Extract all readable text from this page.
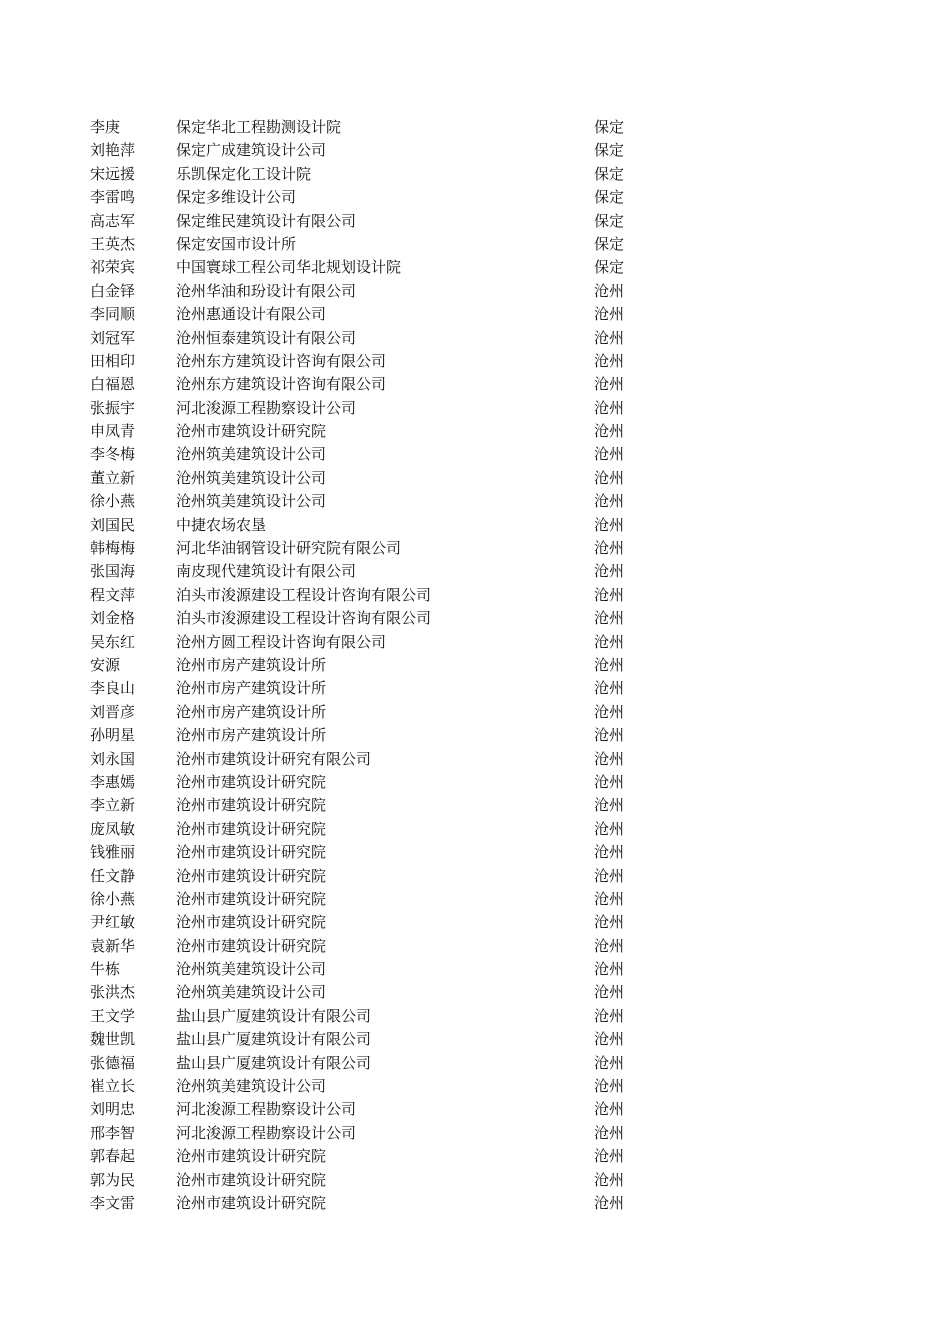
李庚	保定华北工程勘测设计院	保定
刘艳萍	保定广成建筑设计公司	保定
宋远援	乐凯保定化工设计院	保定
李雷鸣	保定多维设计公司	保定
高志军	保定维民建筑设计有限公司	保定
王英杰	保定安国市设计所	保定
祁荣宾	中国寰球工程公司华北规划设计院	保定
白金铎	沧州华油和玢设计有限公司	沧州
李同顺	沧州惠通设计有限公司	沧州
刘冠军	沧州恒泰建筑设计有限公司	沧州
田相印	沧州东方建筑设计咨询有限公司	沧州
白福恩	沧州东方建筑设计咨询有限公司	沧州
张振宇	河北浚源工程勘察设计公司	沧州
申凤青	沧州市建筑设计研究院	沧州
李冬梅	沧州筑美建筑设计公司	沧州
董立新	沧州筑美建筑设计公司	沧州
徐小燕	沧州筑美建筑设计公司	沧州
刘国民	中捷农场农垦	沧州
韩梅梅	河北华油钢管设计研究院有限公司	沧州
张国海	南皮现代建筑设计有限公司	沧州
程文萍	泊头市浚源建设工程设计咨询有限公司	沧州
刘金格	泊头市浚源建设工程设计咨询有限公司	沧州
吴东红	沧州方圆工程设计咨询有限公司	沧州
安源	沧州市房产建筑设计所	沧州
李良山	沧州市房产建筑设计所	沧州
刘晋彦	沧州市房产建筑设计所	沧州
孙明星	沧州市房产建筑设计所	沧州
刘永国	沧州市建筑设计研究有限公司	沧州
李惠嫣	沧州市建筑设计研究院	沧州
李立新	沧州市建筑设计研究院	沧州
庞凤敏	沧州市建筑设计研究院	沧州
钱雅丽	沧州市建筑设计研究院	沧州
任文静	沧州市建筑设计研究院	沧州
徐小燕	沧州市建筑设计研究院	沧州
尹红敏	沧州市建筑设计研究院	沧州
袁新华	沧州市建筑设计研究院	沧州
牛栋	沧州筑美建筑设计公司	沧州
张洪杰	沧州筑美建筑设计公司	沧州
王文学	盐山县广厦建筑设计有限公司	沧州
魏世凯	盐山县广厦建筑设计有限公司	沧州
张德福	盐山县广厦建筑设计有限公司	沧州
崔立长	沧州筑美建筑设计公司	沧州
刘明忠	河北浚源工程勘察设计公司	沧州
邢李智	河北浚源工程勘察设计公司	沧州
郭春起	沧州市建筑设计研究院	沧州
郭为民	沧州市建筑设计研究院	沧州
李文雷	沧州市建筑设计研究院	沧州
